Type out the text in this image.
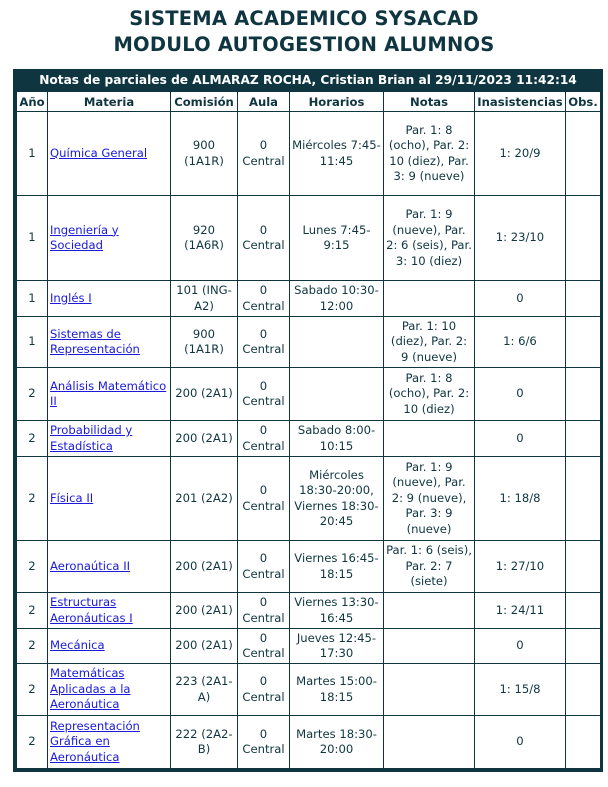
SISTEMA ACADEMICO SYSACAD
MODULO AUTOGESTION ALUMNOS
Notas de parciales de ALMARAZ ROCHA, Cristian Brian al 29/11/2023 11:42:14
Año	Materia	Comisión	Aula	Horarios	Notas	Inasistencias	Obs.
1	Química General	900 (1A1R)	0 Central	Miércoles 7:45-11:45	Par. 1: 8 (ocho), Par. 2: 10 (diez), Par. 3: 9 (nueve)	1: 20/9	
1	Ingeniería y Sociedad	920 (1A6R)	0 Central	Lunes 7:45-9:15	Par. 1: 9 (nueve), Par. 2: 6 (seis), Par. 3: 10 (diez)	1: 23/10	
1	Inglés I	101 (ING-A2)	0 Central	Sabado 10:30-12:00		0	
1	Sistemas de Representación	900 (1A1R)	0 Central		Par. 1: 10 (diez), Par. 2: 9 (nueve)	1: 6/6	
2	Análisis Matemático II	200 (2A1)	0 Central		Par. 1: 8 (ocho), Par. 2: 10 (diez)	0	
2	Probabilidad y Estadística	200 (2A1)	0 Central	Sabado 8:00-10:15		0	
2	Física II	201 (2A2)	0 Central	Miércoles 18:30-20:00, Viernes 18:30-20:45	Par. 1: 9 (nueve), Par. 2: 9 (nueve), Par. 3: 9 (nueve)	1: 18/8	
2	Aeronaútica II	200 (2A1)	0 Central	Viernes 16:45-18:15	Par. 1: 6 (seis), Par. 2: 7 (siete)	1: 27/10	
2	Estructuras Aeronáuticas I	200 (2A1)	0 Central	Viernes 13:30-16:45		1: 24/11	
2	Mecánica	200 (2A1)	0 Central	Jueves 12:45-17:30		0	
2	Matemáticas Aplicadas a la Aeronáutica	223 (2A1-A)	0 Central	Martes 15:00-18:15		1: 15/8	
2	Representación Gráfica en Aeronáutica	222 (2A2-B)	0 Central	Martes 18:30-20:00		0	
